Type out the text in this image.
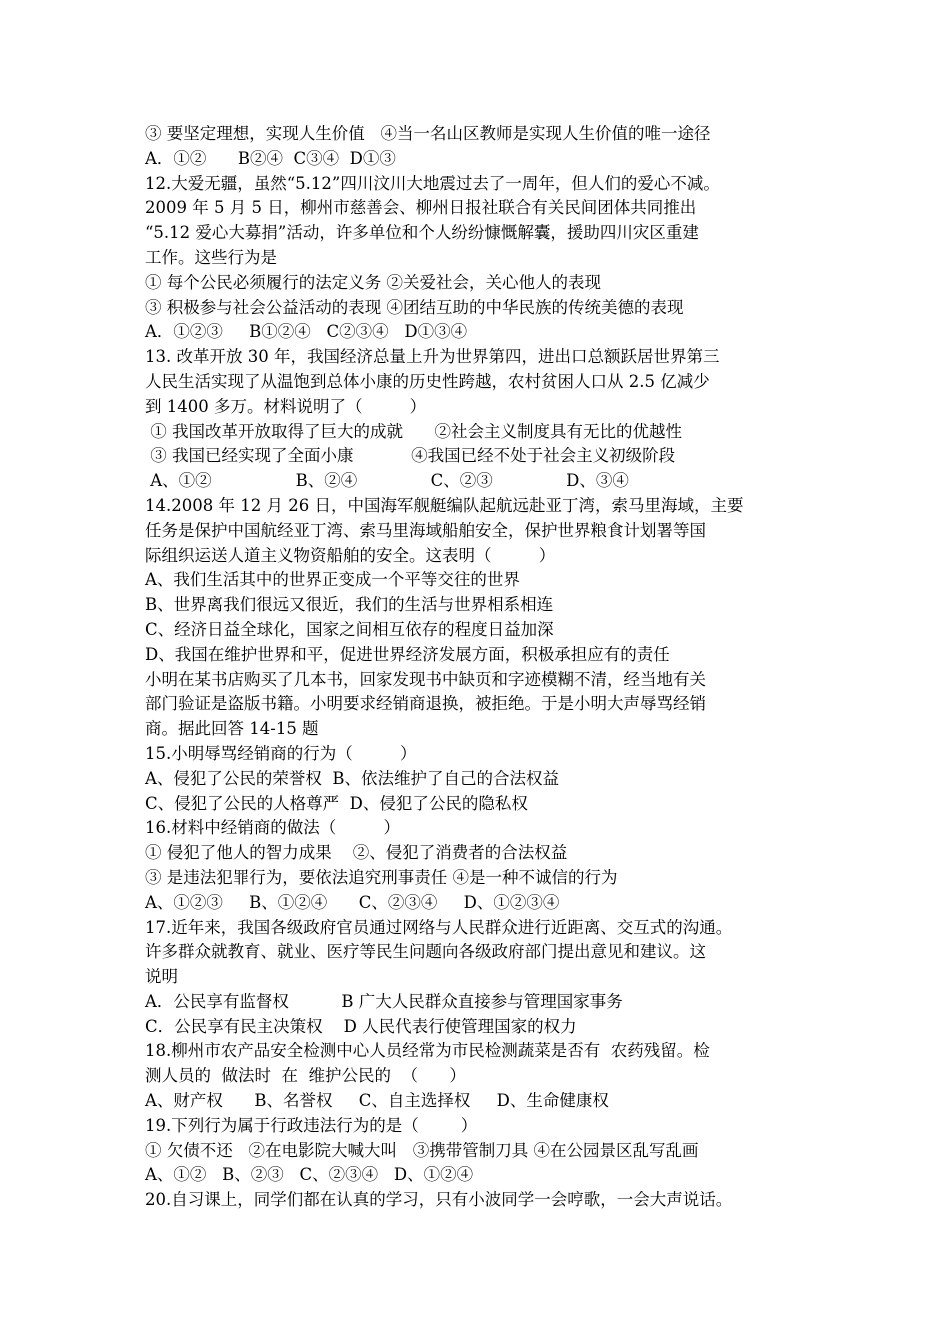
③ 要坚定理想，实现人生价值   ④当一名山区教师是实现人生价值的唯一途径
A．①②      B②④  C③④  D①③
12.大爱无疆，虽然“5.12”四川汶川大地震过去了一周年，但人们的爱心不减。
2009 年 5 月 5 日，柳州市慈善会、柳州日报社联合有关民间团体共同推出
“5.12 爱心大募捐”活动，许多单位和个人纷纷慷慨解囊，援助四川灾区重建
工作。这些行为是
① 每个公民必须履行的法定义务 ②关爱社会，关心他人的表现
③ 积极参与社会公益活动的表现 ④团结互助的中华民族的传统美德的表现
A．①②③     B①②④   C②③④   D①③④
13. 改革开放 30 年，我国经济总量上升为世界第四，进出口总额跃居世界第三
人民生活实现了从温饱到总体小康的历史性跨越，农村贫困人口从 2.5 亿减少
到 1400 多万。材料说明了（         ）
① 我国改革开放取得了巨大的成就      ②社会主义制度具有无比的优越性
③ 我国已经实现了全面小康           ④我国已经不处于社会主义初级阶段
A、①②                B、②④              C、②③              D、③④
14.2008 年 12 月 26 日，中国海军舰艇编队起航远赴亚丁湾，索马里海域，主要
任务是保护中国航经亚丁湾、索马里海域船舶安全，保护世界粮食计划署等国
际组织运送人道主义物资船舶的安全。这表明（         ）
A、我们生活其中的世界正变成一个平等交往的世界
B、世界离我们很远又很近，我们的生活与世界相系相连
C、经济日益全球化，国家之间相互依存的程度日益加深
D、我国在维护世界和平，促进世界经济发展方面，积极承担应有的责任
小明在某书店购买了几本书，回家发现书中缺页和字迹模糊不清，经当地有关
部门验证是盗版书籍。小明要求经销商退换，被拒绝。于是小明大声辱骂经销
商。据此回答 14-15 题
15.小明辱骂经销商的行为（         ）
A、侵犯了公民的荣誉权  B、依法维护了自己的合法权益
C、侵犯了公民的人格尊严  D、侵犯了公民的隐私权
16.材料中经销商的做法（         ）
① 侵犯了他人的智力成果    ②、侵犯了消费者的合法权益
③ 是违法犯罪行为，要依法追究刑事责任 ④是一种不诚信的行为
A、①②③     B、①②④      C、②③④     D、①②③④
17.近年来，我国各级政府官员通过网络与人民群众进行近距离、交互式的沟通。
许多群众就教育、就业、医疗等民生问题向各级政府部门提出意见和建议。这
说明
A．公民享有监督权          B 广大人民群众直接参与管理国家事务
C．公民享有民主决策权    D 人民代表行使管理国家的权力
18.柳州市农产品安全检测中心人员经常为市民检测蔬菜是否有  农药残留。检
测人员的  做法时  在  维护公民的  （      ）
A、财产权      B、名誉权     C、自主选择权     D、生命健康权
19.下列行为属于行政违法行为的是（        ）
① 欠债不还   ②在电影院大喊大叫   ③携带管制刀具 ④在公园景区乱写乱画
A、①②   B、②③   C、②③④   D、①②④
20.自习课上，同学们都在认真的学习，只有小波同学一会哼歌，一会大声说话。
